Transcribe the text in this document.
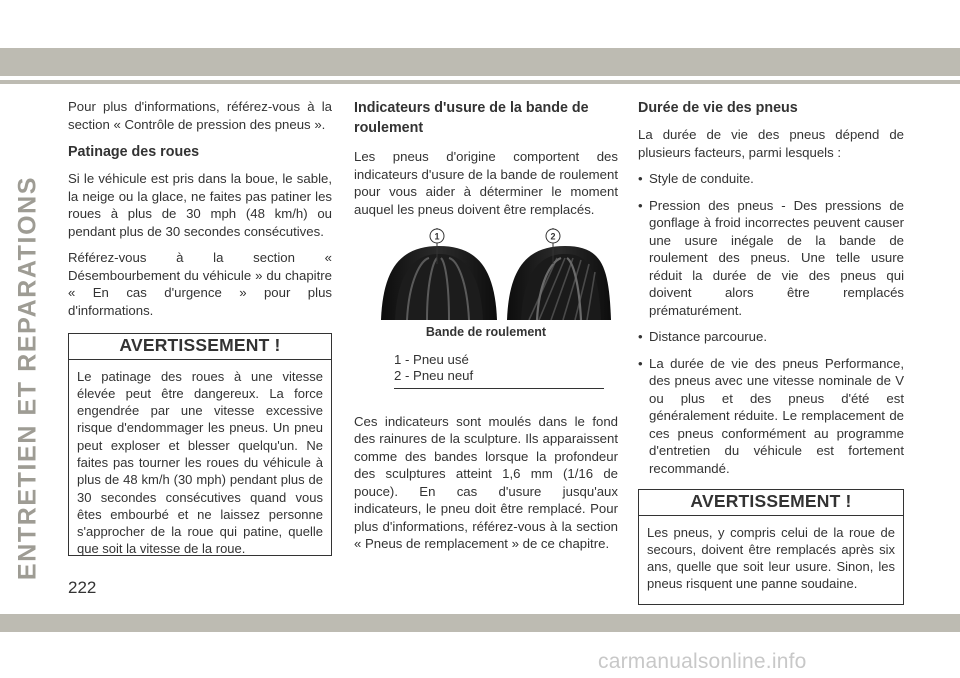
ENTRETIEN ET REPARATIONS

Pour plus d'informations, référez-vous à la section « Contrôle de pression des pneus ».

Patinage des roues

Si le véhicule est pris dans la boue, le sable, la neige ou la glace, ne faites pas patiner les roues à plus de 30 mph (48 km/h) ou pendant plus de 30 secondes consécutives.

Référez-vous à la section « Désembourbement du véhicule » du chapitre « En cas d'urgence » pour plus d'informations.

AVERTISSEMENT !
Le patinage des roues à une vitesse élevée peut être dangereux. La force engendrée par une vitesse excessive risque d'endommager les pneus. Un pneu peut exploser et blesser quelqu'un. Ne faites pas tourner les roues du véhicule à plus de 48 km/h (30 mph) pendant plus de 30 secondes consécutives quand vous êtes embourbé et ne laissez personne s'approcher de la roue qui patine, quelle que soit la vitesse de la roue.
Indicateurs d'usure de la bande de roulement

Les pneus d'origine comportent des indicateurs d'usure de la bande de roulement pour vous aider à déterminer le moment auquel les pneus doivent être remplacés.

1	2
Bande de roulement
1 - Pneu usé
2 - Pneu neuf

Ces indicateurs sont moulés dans le fond des rainures de la sculpture. Ils apparaissent comme des bandes lorsque la profondeur des sculptures atteint 1,6 mm (1/16 de pouce). En cas d'usure jusqu'aux indicateurs, le pneu doit être remplacé. Pour plus d'informations, référez-vous à la section « Pneus de remplacement » de ce chapitre.

Durée de vie des pneus

La durée de vie des pneus dépend de plusieurs facteurs, parmi lesquels :

• Style de conduite.
• Pression des pneus - Des pressions de gonflage à froid incorrectes peuvent causer une usure inégale de la bande de roulement des pneus. Une telle usure réduit la durée de vie des pneus qui doivent alors être remplacés prématurément.
• Distance parcourue.
• La durée de vie des pneus Performance, des pneus avec une vitesse nominale de V ou plus et des pneus d'été est généralement réduite. Le remplacement de ces pneus conformément au programme d'entretien du véhicule est fortement recommandé.
AVERTISSEMENT !
Les pneus, y compris celui de la roue de secours, doivent être remplacés après six ans, quelle que soit leur usure. Sinon, les pneus risquent une panne soudaine.
222
carmanualsonline.info
